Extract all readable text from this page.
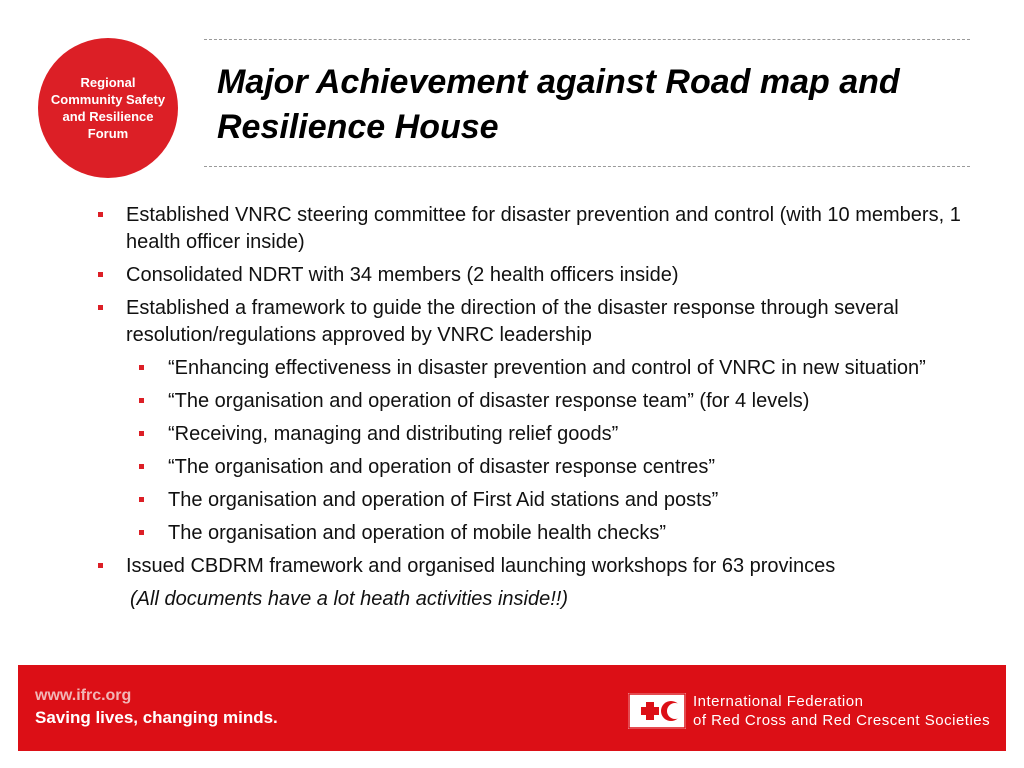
Regional
Community Safety
and Resilience
Forum
Major Achievement against Road map and Resilience House
Established VNRC steering committee for disaster prevention and control (with 10 members, 1 health officer inside)
Consolidated NDRT with 34 members (2 health officers inside)
Established a framework to guide the direction of the disaster response through several resolution/regulations approved by VNRC leadership
“Enhancing effectiveness in disaster prevention and control of VNRC in new situation”
“The organisation and operation of disaster response team” (for 4 levels)
“Receiving, managing and distributing relief goods”
“The organisation and operation of disaster response centres”
The organisation and operation of First Aid stations and posts”
The organisation and operation of mobile health checks”
Issued CBDRM framework and organised launching workshops for 63 provinces
(All documents have a lot heath activities inside!!)
www.ifrc.org
Saving lives, changing minds.
International Federation
of Red Cross and Red Crescent Societies
